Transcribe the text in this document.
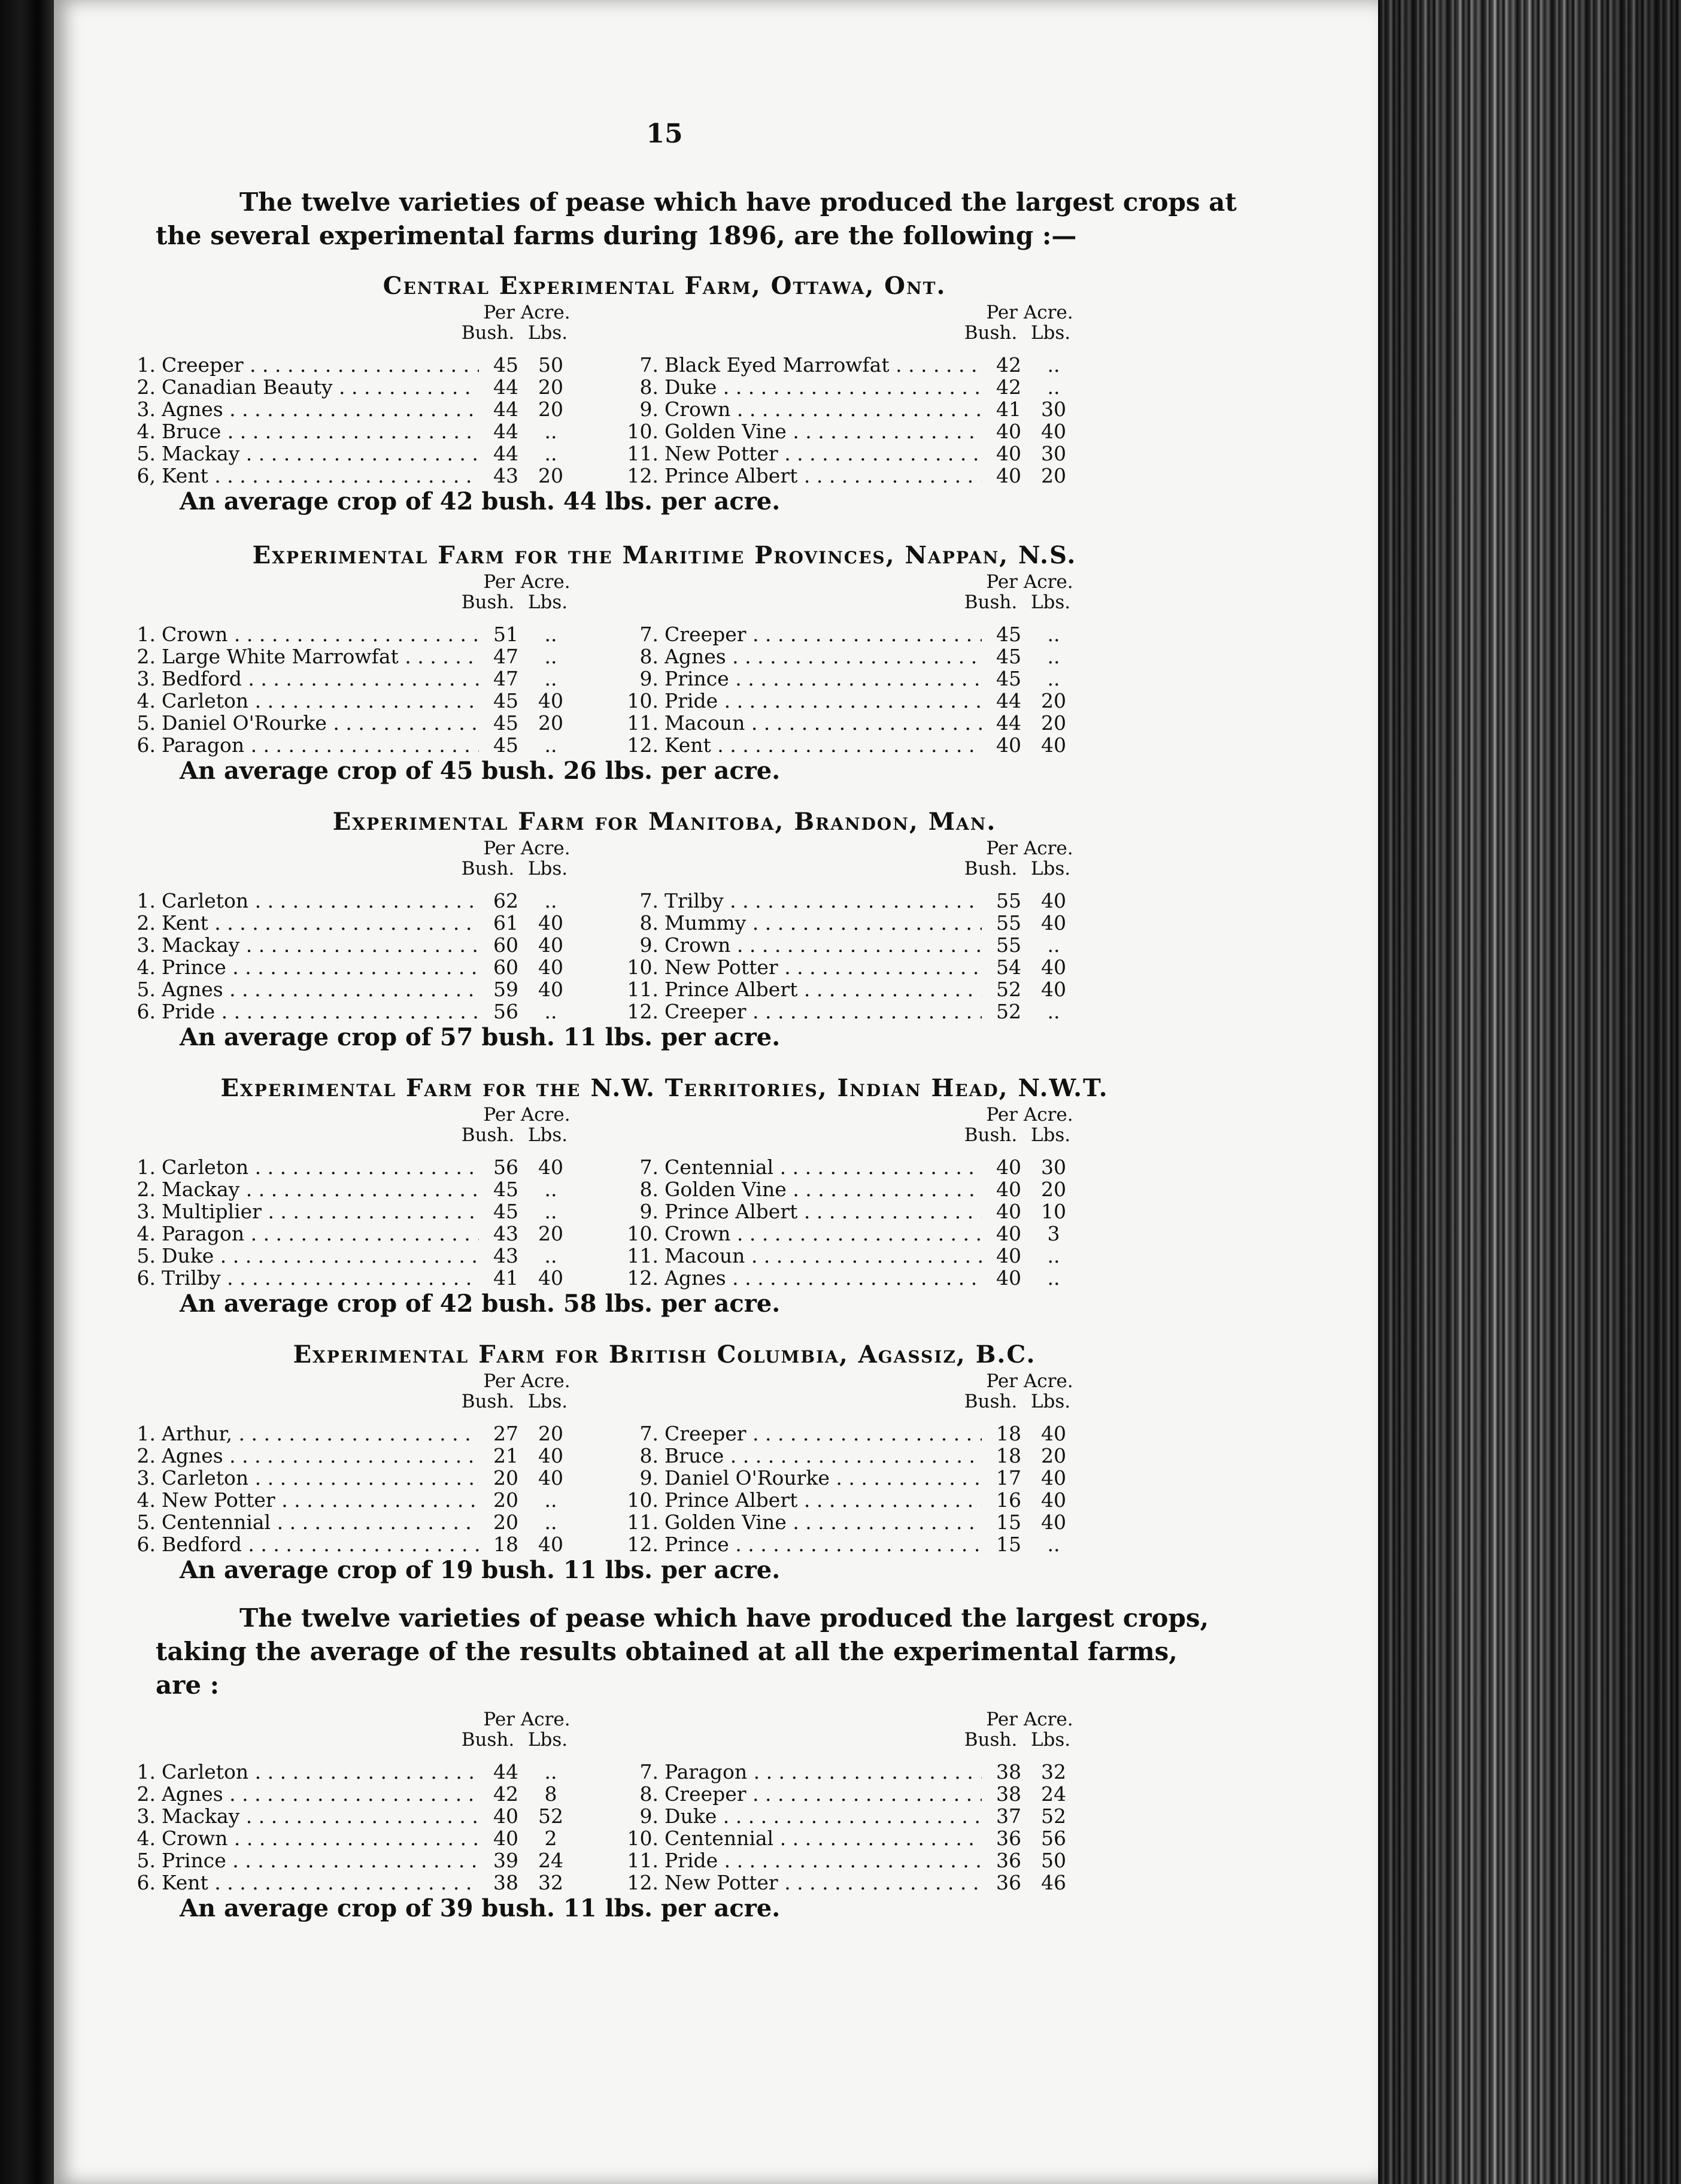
15
The twelve varieties of pease which have produced the largest crops at
the several experimental farms during 1896, are the following :—
Central Experimental Farm, Ottawa, Ont.
Per Acre.
Bush. Lbs.
Per Acre.
Bush. Lbs.
1. Creeper . . .	45 50
2. Canadian Beauty . . .	44 20
3. Agnes . . .	44 20
4. Bruce . . .	44	..
5. Mackay . . .	44	..
6, Kent . . .	43 20
7. Black Eyed Marrowfat . . .	42	..
8. Duke . . .	42	..
9. Crown . . .	41 30
10. Golden Vine . . .	40 40
11. New Potter . . .	40 30
12. Prince Albert . . .	40 20
An average crop of 42 bush. 44 lbs. per acre.
Experimental Farm for the Maritime Provinces, Nappan, N.S.
Per Acre.
Bush. Lbs.
Per Acre.
Bush. Lbs.
1. Crown . . .	51	..
2. Large White Marrowfat . . .	47	..
3. Bedford . . .	47	..
4. Carleton . . .	45 40
5. Daniel O'Rourke . . .	45 20
6. Paragon . . .	45	..
7. Creeper . . .	45	..
8. Agnes . . .	45	..
9. Prince . . .	45	..
10. Pride . . .	44 20
11. Macoun . . .	44 20
12. Kent . . .	40 40
An average crop of 45 bush. 26 lbs. per acre.
Experimental Farm for Manitoba, Brandon, Man.
Per Acre.
Bush. Lbs.
Per Acre.
Bush. Lbs.
1. Carleton . . .	62	..
2. Kent . . .	61 40
3. Mackay . . .	60 40
4. Prince . . .	60 40
5. Agnes . . .	59 40
6. Pride . . .	56	..
7. Trilby . . .	55 40
8. Mummy . . .	55 40
9. Crown . . .	55	..
10. New Potter . . .	54 40
11. Prince Albert . . .	52 40
12. Creeper . . .	52	..
An average crop of 57 bush. 11 lbs. per acre.
Experimental Farm for the N.W. Territories, Indian Head, N.W.T.
Per Acre.
Bush. Lbs.
Per Acre.
Bush. Lbs.
1. Carleton . . .	56 40
2. Mackay . . .	45	..
3. Multiplier . . .	45	..
4. Paragon . . .	43 20
5. Duke . . .	43	..
6. Trilby . . .	41 40
7. Centennial . . .	40 30
8. Golden Vine . . .	40 20
9. Prince Albert . . .	40 10
10. Crown . . .	40	3
11. Macoun . . .	40	..
12. Agnes . . .	40	..
An average crop of 42 bush. 58 lbs. per acre.
Experimental Farm for British Columbia, Agassiz, B.C.
Per Acre.
Bush. Lbs.
Per Acre.
Bush. Lbs.
1. Arthur, . . .	27 20
2. Agnes . . .	21 40
3. Carleton . . .	20 40
4. New Potter . . .	20	..
5. Centennial . . .	20	..
6. Bedford . . .	18 40
7. Creeper . . .	18 40
8. Bruce . . .	18 20
9. Daniel O'Rourke . . .	17 40
10. Prince Albert . . .	16 40
11. Golden Vine . . .	15 40
12. Prince . . .	15	..
An average crop of 19 bush. 11 lbs. per acre.
The twelve varieties of pease which have produced the largest crops,
taking the average of the results obtained at all the experimental farms,
are :
Per Acre.
Bush. Lbs.
Per Acre.
Bush. Lbs.
1. Carleton . . .	44	..
2. Agnes . . .	42	8
3. Mackay . . .	40 52
4. Crown . . .	40	2
5. Prince . . .	39 24
6. Kent . . .	38 32
7. Paragon . . .	38 32
8. Creeper . . .	38 24
9. Duke . . .	37 52
10. Centennial . . .	36 56
11. Pride . . .	36 50
12. New Potter . . .	36 46
An average crop of 39 bush. 11 lbs. per acre.
